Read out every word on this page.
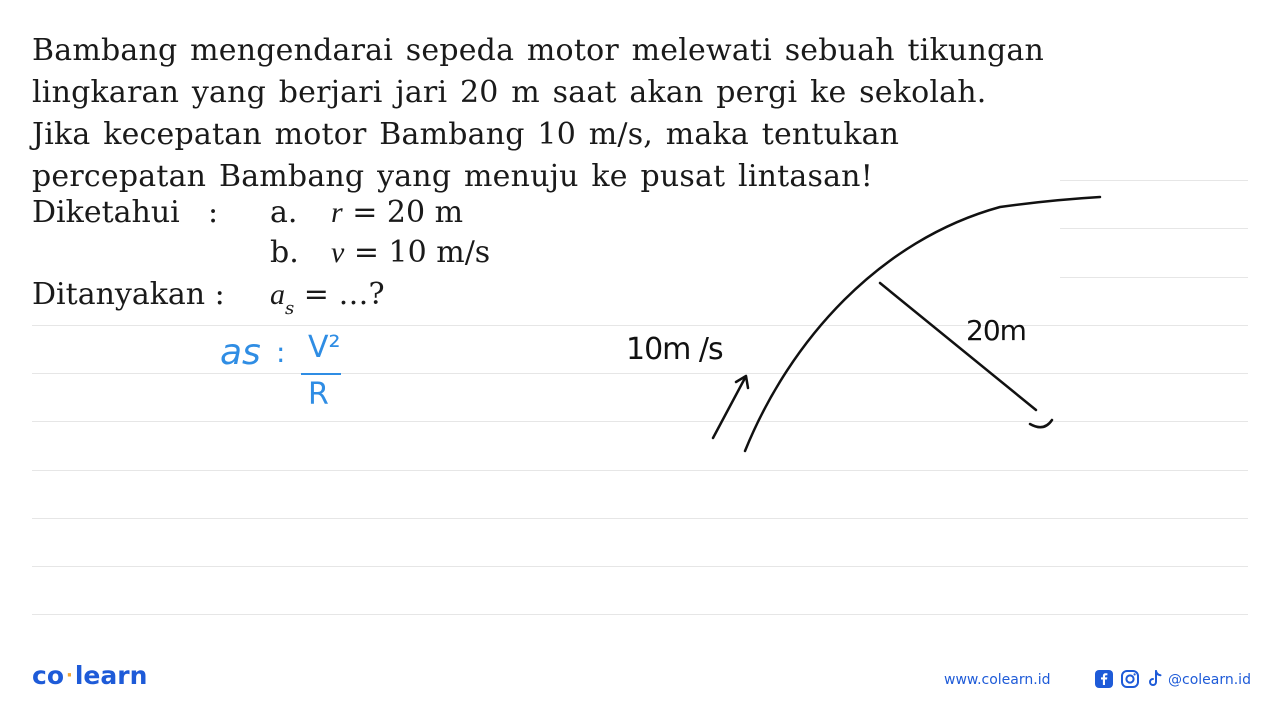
Bambang mengendarai sepeda motor melewati sebuah tikungan lingkaran yang berjari jari 20 m saat akan pergi ke sekolah. Jika kecepatan motor Bambang 10 m/s, maka tentukan percepatan Bambang yang menuju ke pusat lintasan!
Diketahui : a. r = 20 m
b. v = 10 m/s
Ditanyakan : $a_s$ = …?
as : V²
R
10m /s
20m
co ·learn	www.colearn.id	@colearn.id
